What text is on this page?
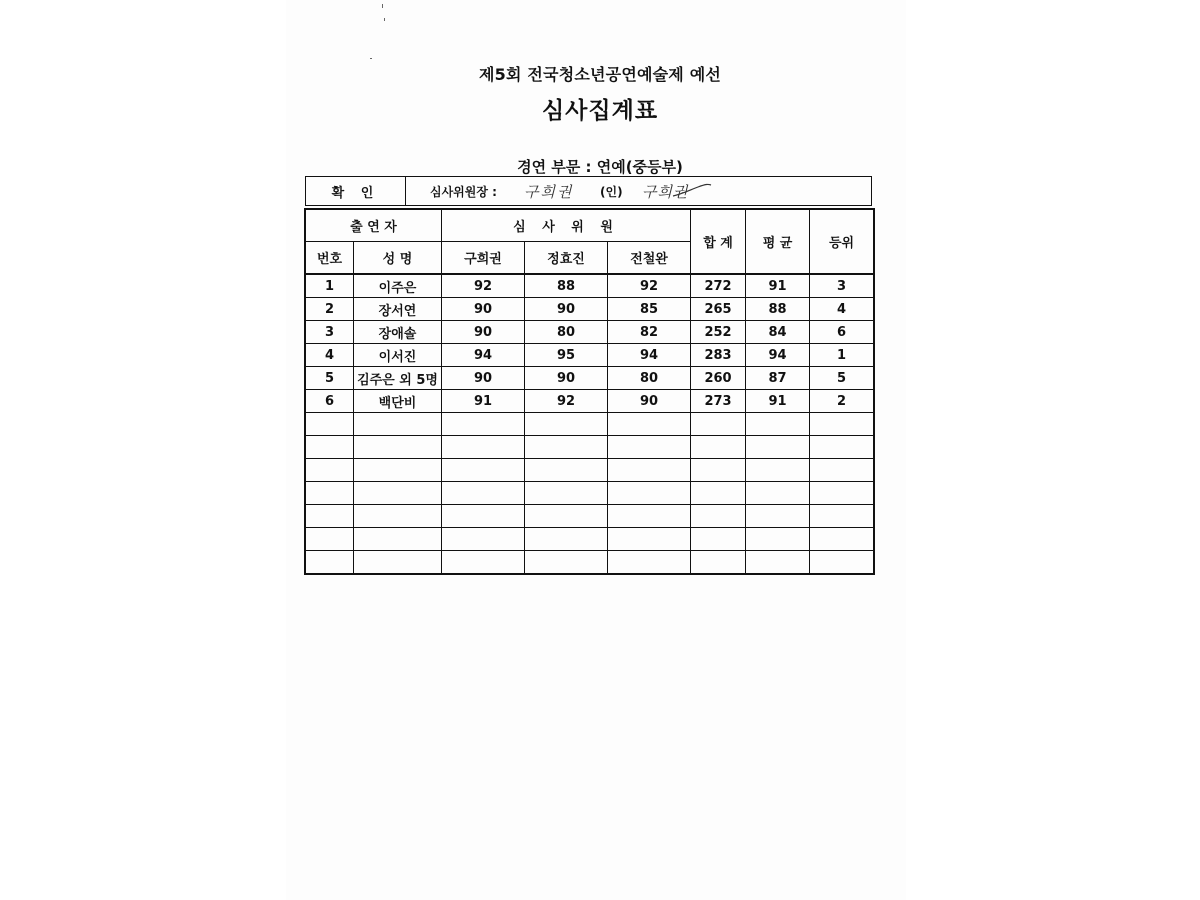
제5회 전국청소년공연예술제 예선
심사집계표
경연 부문 : 연예(중등부)
확 인	심사위원장 : 구희권 (인) 구희권
출 연 자		심 사 위 원			합 계	평 균	등위
번호	성 명	구희권	정효진	전철완			
1	이주은	92	88	92	272	91	3
2	장서연	90	90	85	265	88	4
3	장애솔	90	80	82	252	84	6
4	이서진	94	95	94	283	94	1
5	김주은 외 5명	90	90	80	260	87	5
6	백단비	91	92	90	273	91	2
